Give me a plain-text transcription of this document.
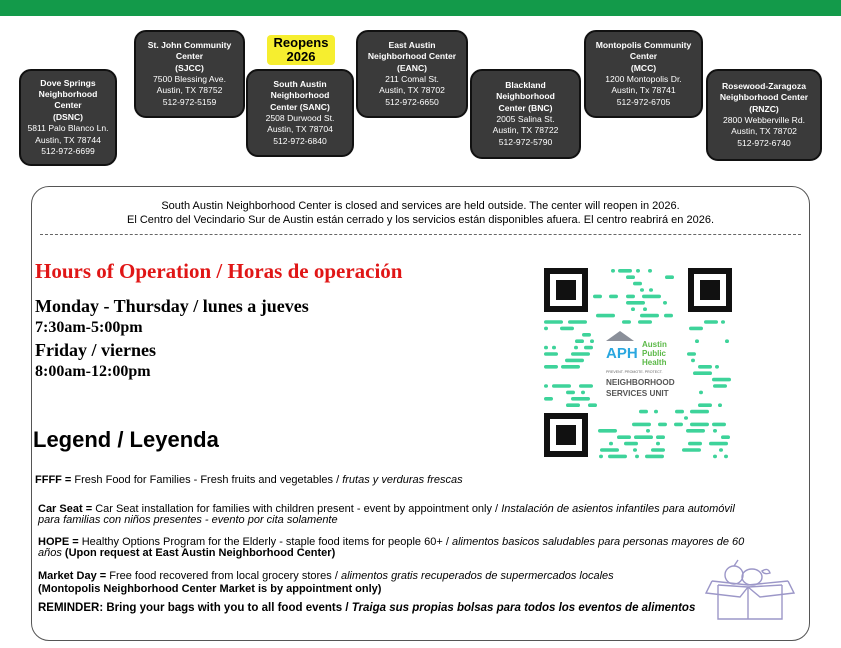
Dove Springs
Neighborhood
Center
(DSNC)
5811 Palo Blanco Ln.
Austin, TX 78744
512-972-6699
St. John Community
Center
(SJCC)
7500 Blessing Ave.
Austin, TX 78752
512-972-5159
Reopens
2026
South Austin
Neighborhood
Center (SANC)
2508 Durwood St.
Austin, TX 78704
512-972-6840
East Austin
Neighborhood Center
(EANC)
211 Comal St.
Austin, TX 78702
512-972-6650
Blackland
Neighborhood
Center (BNC)
2005 Salina St.
Austin, TX 78722
512-972-5790
Montopolis Community
Center
(MCC)
1200 Montopolis Dr.
Austin, Tx 78741
512-972-6705
Rosewood-Zaragoza
Neighborhood Center
(RNZC)
2800 Webberville Rd.
Austin, TX 78702
512-972-6740
South Austin Neighborhood Center is closed and services are held outside. The center will reopen in 2026.
El Centro del Vecindario Sur de Austin están cerrado y los servicios están disponibles afuera. El centro reabrirá en 2026.
Hours of Operation / Horas de operación
Monday - Thursday / lunes a jueves
7:30am-5:00pm
Friday / viernes
8:00am-12:00pm
APH
Austin
Public
Health
PREVENT. PROMOTE. PROTECT.
NEIGHBORHOOD
SERVICES UNIT
Legend / Leyenda
FFFF = Fresh Food for Families - Fresh fruits and vegetables / frutas y verduras frescas
Car Seat = Car Seat installation for families with children present - event by appointment only / Instalación de asientos infantiles para automóvil
para familias con niños presentes - evento por cita solamente
HOPE = Healthy Options Program for the Elderly - staple food items for people 60+ / alimentos basicos saludables para personas mayores de 60
años (Upon request at East Austin Neighborhood Center)
Market Day = Free food recovered from local grocery stores / alimentos gratis recuperados de supermercados locales
(Montopolis Neighborhood Center Market is by appointment only)
REMINDER: Bring your bags with you to all food events / Traiga sus propias bolsas para todos los eventos de alimentos
